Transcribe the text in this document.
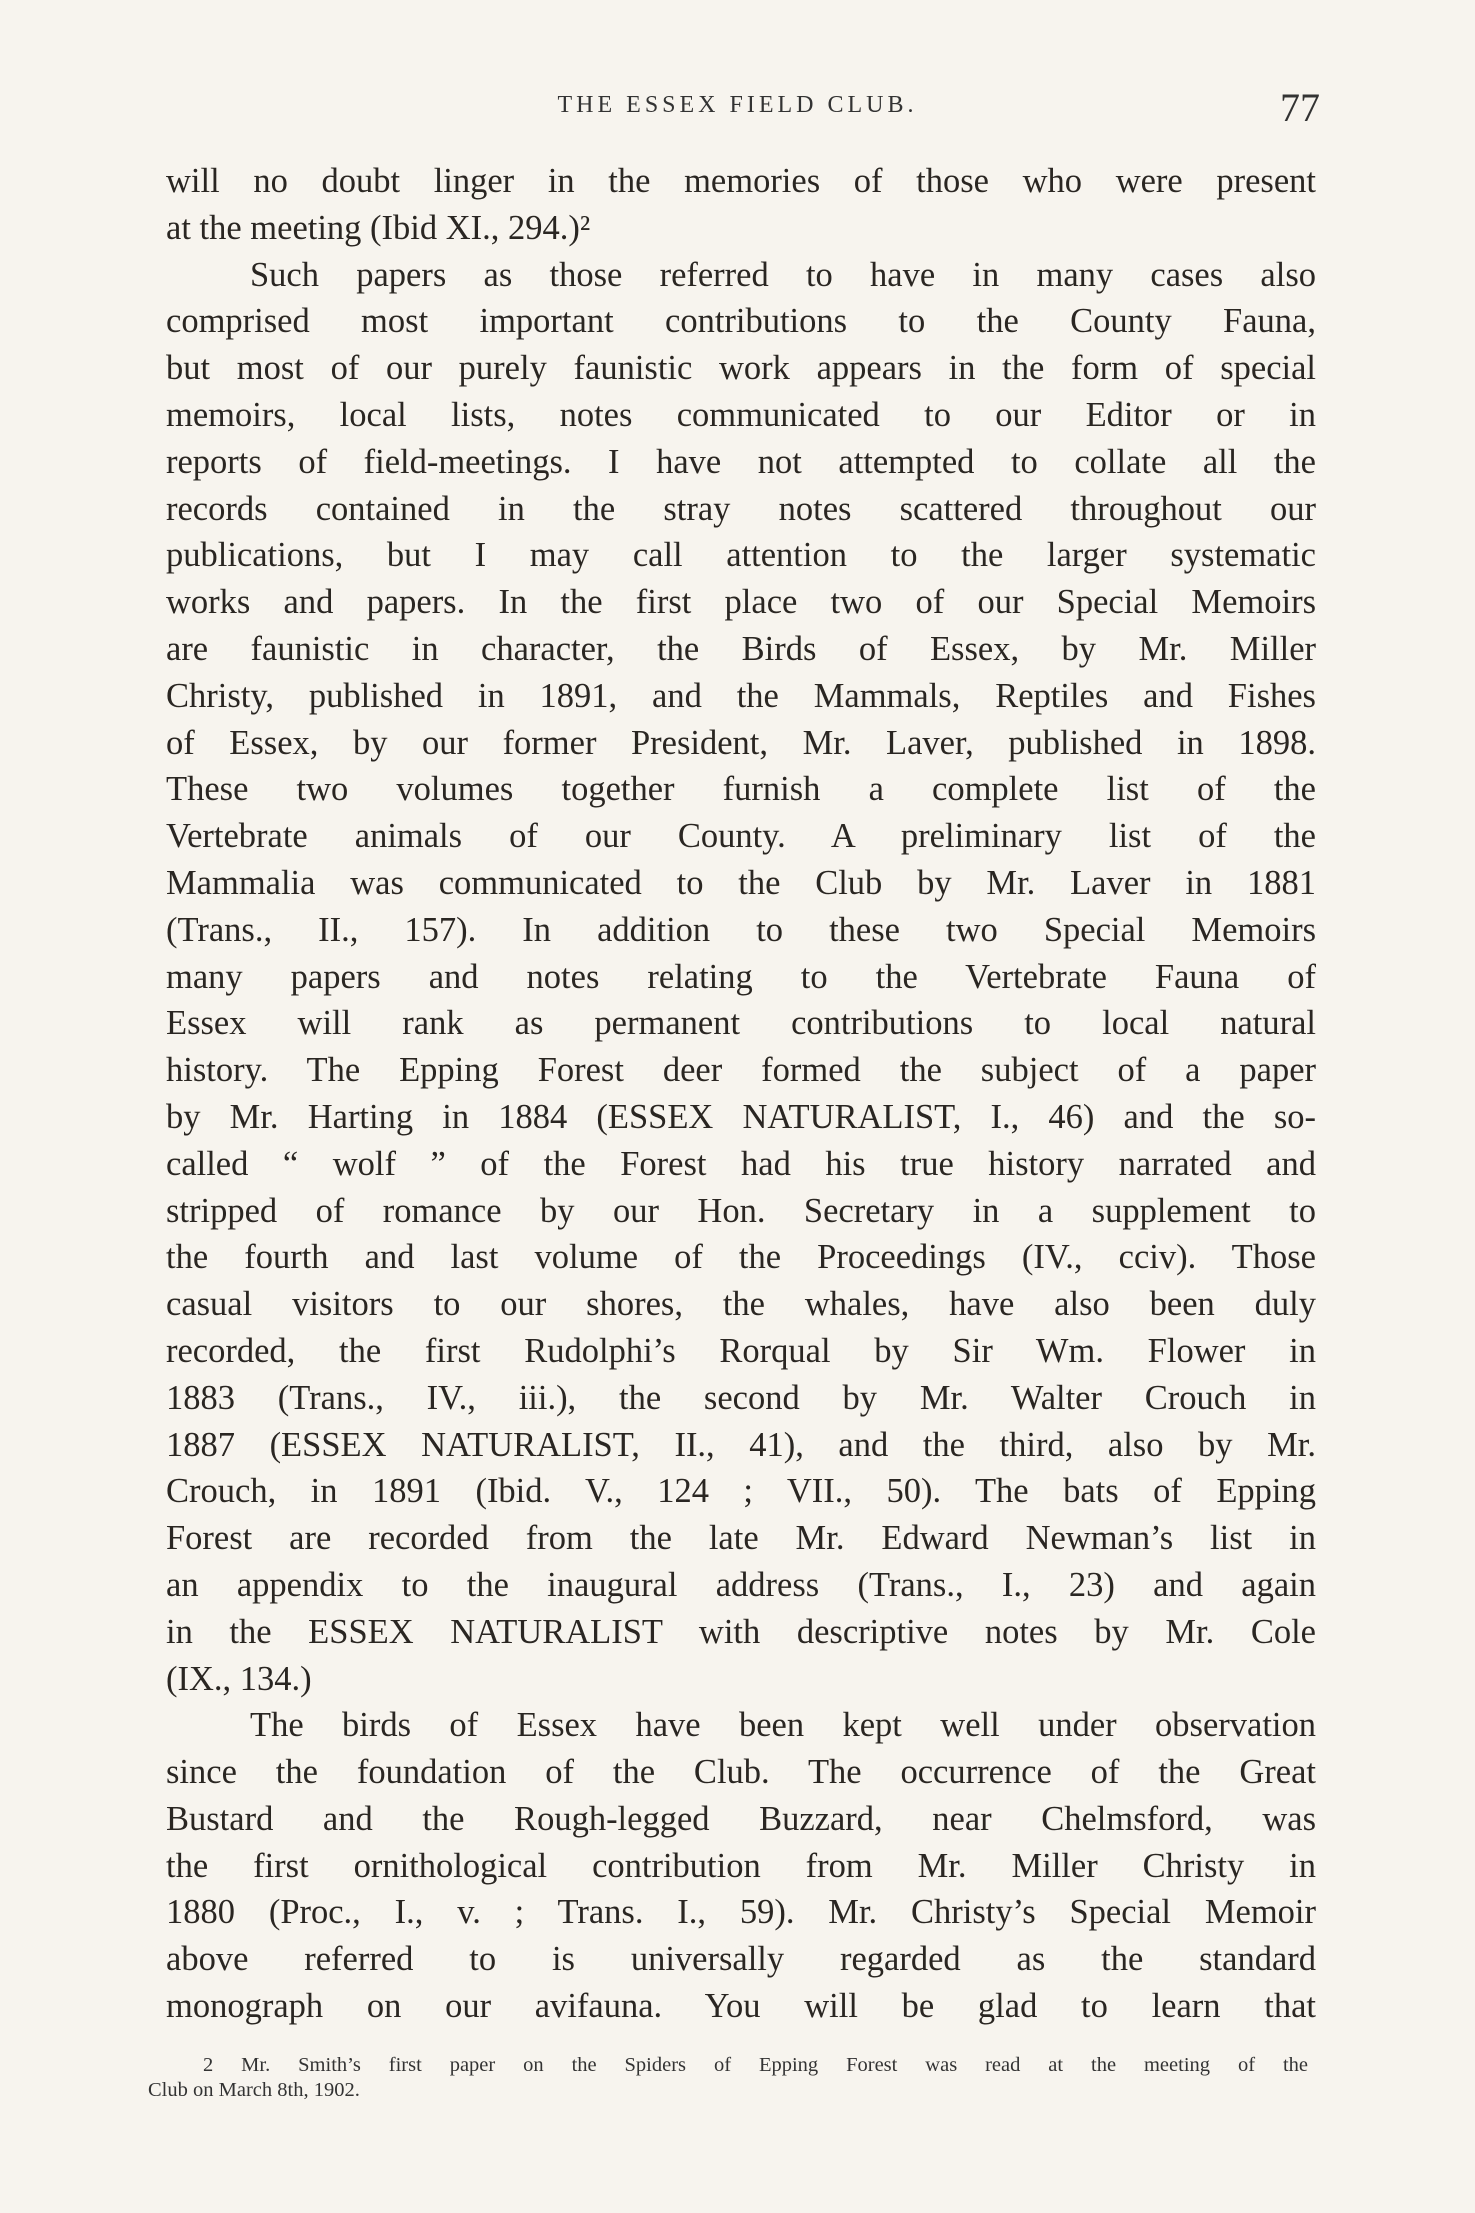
THE ESSEX FIELD CLUB.	77
will no doubt linger in the memories of those who were present
at the meeting (Ibid XI., 294.)²
Such papers as those referred to have in many cases also
comprised most important contributions to the County Fauna,
but most of our purely faunistic work appears in the form of special
memoirs, local lists, notes communicated to our Editor or in
reports of field-meetings. I have not attempted to collate all the
records contained in the stray notes scattered throughout our
publications, but I may call attention to the larger systematic
works and papers. In the first place two of our Special Memoirs
are faunistic in character, the Birds of Essex, by Mr. Miller
Christy, published in 1891, and the Mammals, Reptiles and Fishes
of Essex, by our former President, Mr. Laver, published in 1898.
These two volumes together furnish a complete list of the
Vertebrate animals of our County. A preliminary list of the
Mammalia was communicated to the Club by Mr. Laver in 1881
(Trans., II., 157). In addition to these two Special Memoirs
many papers and notes relating to the Vertebrate Fauna of
Essex will rank as permanent contributions to local natural
history. The Epping Forest deer formed the subject of a paper
by Mr. Harting in 1884 (ESSEX NATURALIST, I., 46) and the so-
called “ wolf ” of the Forest had his true history narrated and
stripped of romance by our Hon. Secretary in a supplement to
the fourth and last volume of the Proceedings (IV., cciv). Those
casual visitors to our shores, the whales, have also been duly
recorded, the first Rudolphi’s Rorqual by Sir Wm. Flower in
1883 (Trans., IV., iii.), the second by Mr. Walter Crouch in
1887 (ESSEX NATURALIST, II., 41), and the third, also by Mr.
Crouch, in 1891 (Ibid. V., 124 ; VII., 50). The bats of Epping
Forest are recorded from the late Mr. Edward Newman’s list in
an appendix to the inaugural address (Trans., I., 23) and again
in the ESSEX NATURALIST with descriptive notes by Mr. Cole
(IX., 134.)
The birds of Essex have been kept well under observation
since the foundation of the Club. The occurrence of the Great
Bustard and the Rough-legged Buzzard, near Chelmsford, was
the first ornithological contribution from Mr. Miller Christy in
1880 (Proc., I., v. ; Trans. I., 59). Mr. Christy’s Special Memoir
above referred to is universally regarded as the standard
monograph on our avifauna. You will be glad to learn that
2 Mr. Smith’s first paper on the Spiders of Epping Forest was read at the meeting of the
Club on March 8th, 1902.
